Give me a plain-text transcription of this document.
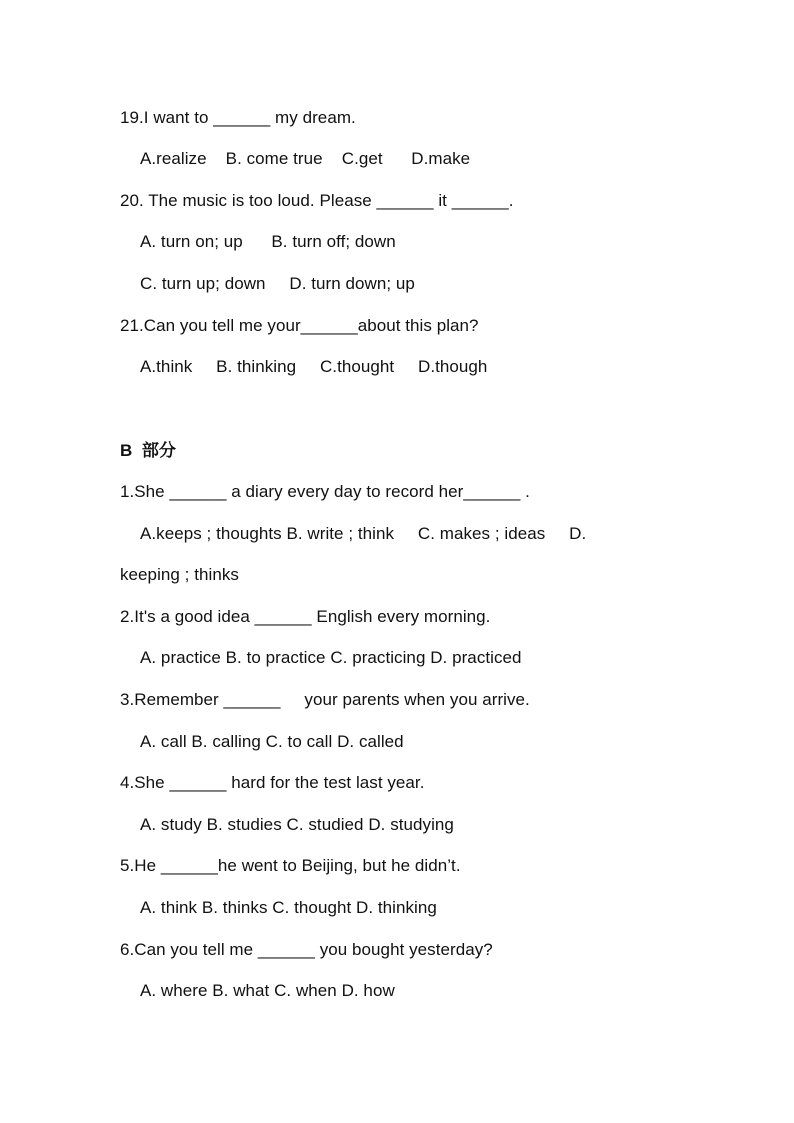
19.I want to ______ my dream.
A.realize    B. come true    C.get      D.make
20. The music is too loud. Please ______ it ______.
A. turn on; up      B. turn off; down
C. turn up; down     D. turn down; up
21.Can you tell me your______about this plan?
A.think     B. thinking     C.thought     D.though
B  部分
1.She ______ a diary every day to record her______ .
A.keeps ; thoughts B. write ; think     C. makes ; ideas     D.
keeping ; thinks
2.It's a good idea ______ English every morning.
A. practice B. to practice C. practicing D. practiced
3.Remember ______     your parents when you arrive.
A. call B. calling C. to call D. called
4.She ______ hard for the test last year.
A. study B. studies C. studied D. studying
5.He ______he went to Beijing, but he didn’t.
A. think B. thinks C. thought D. thinking
6.Can you tell me ______ you bought yesterday?
A. where B. what C. when D. how
